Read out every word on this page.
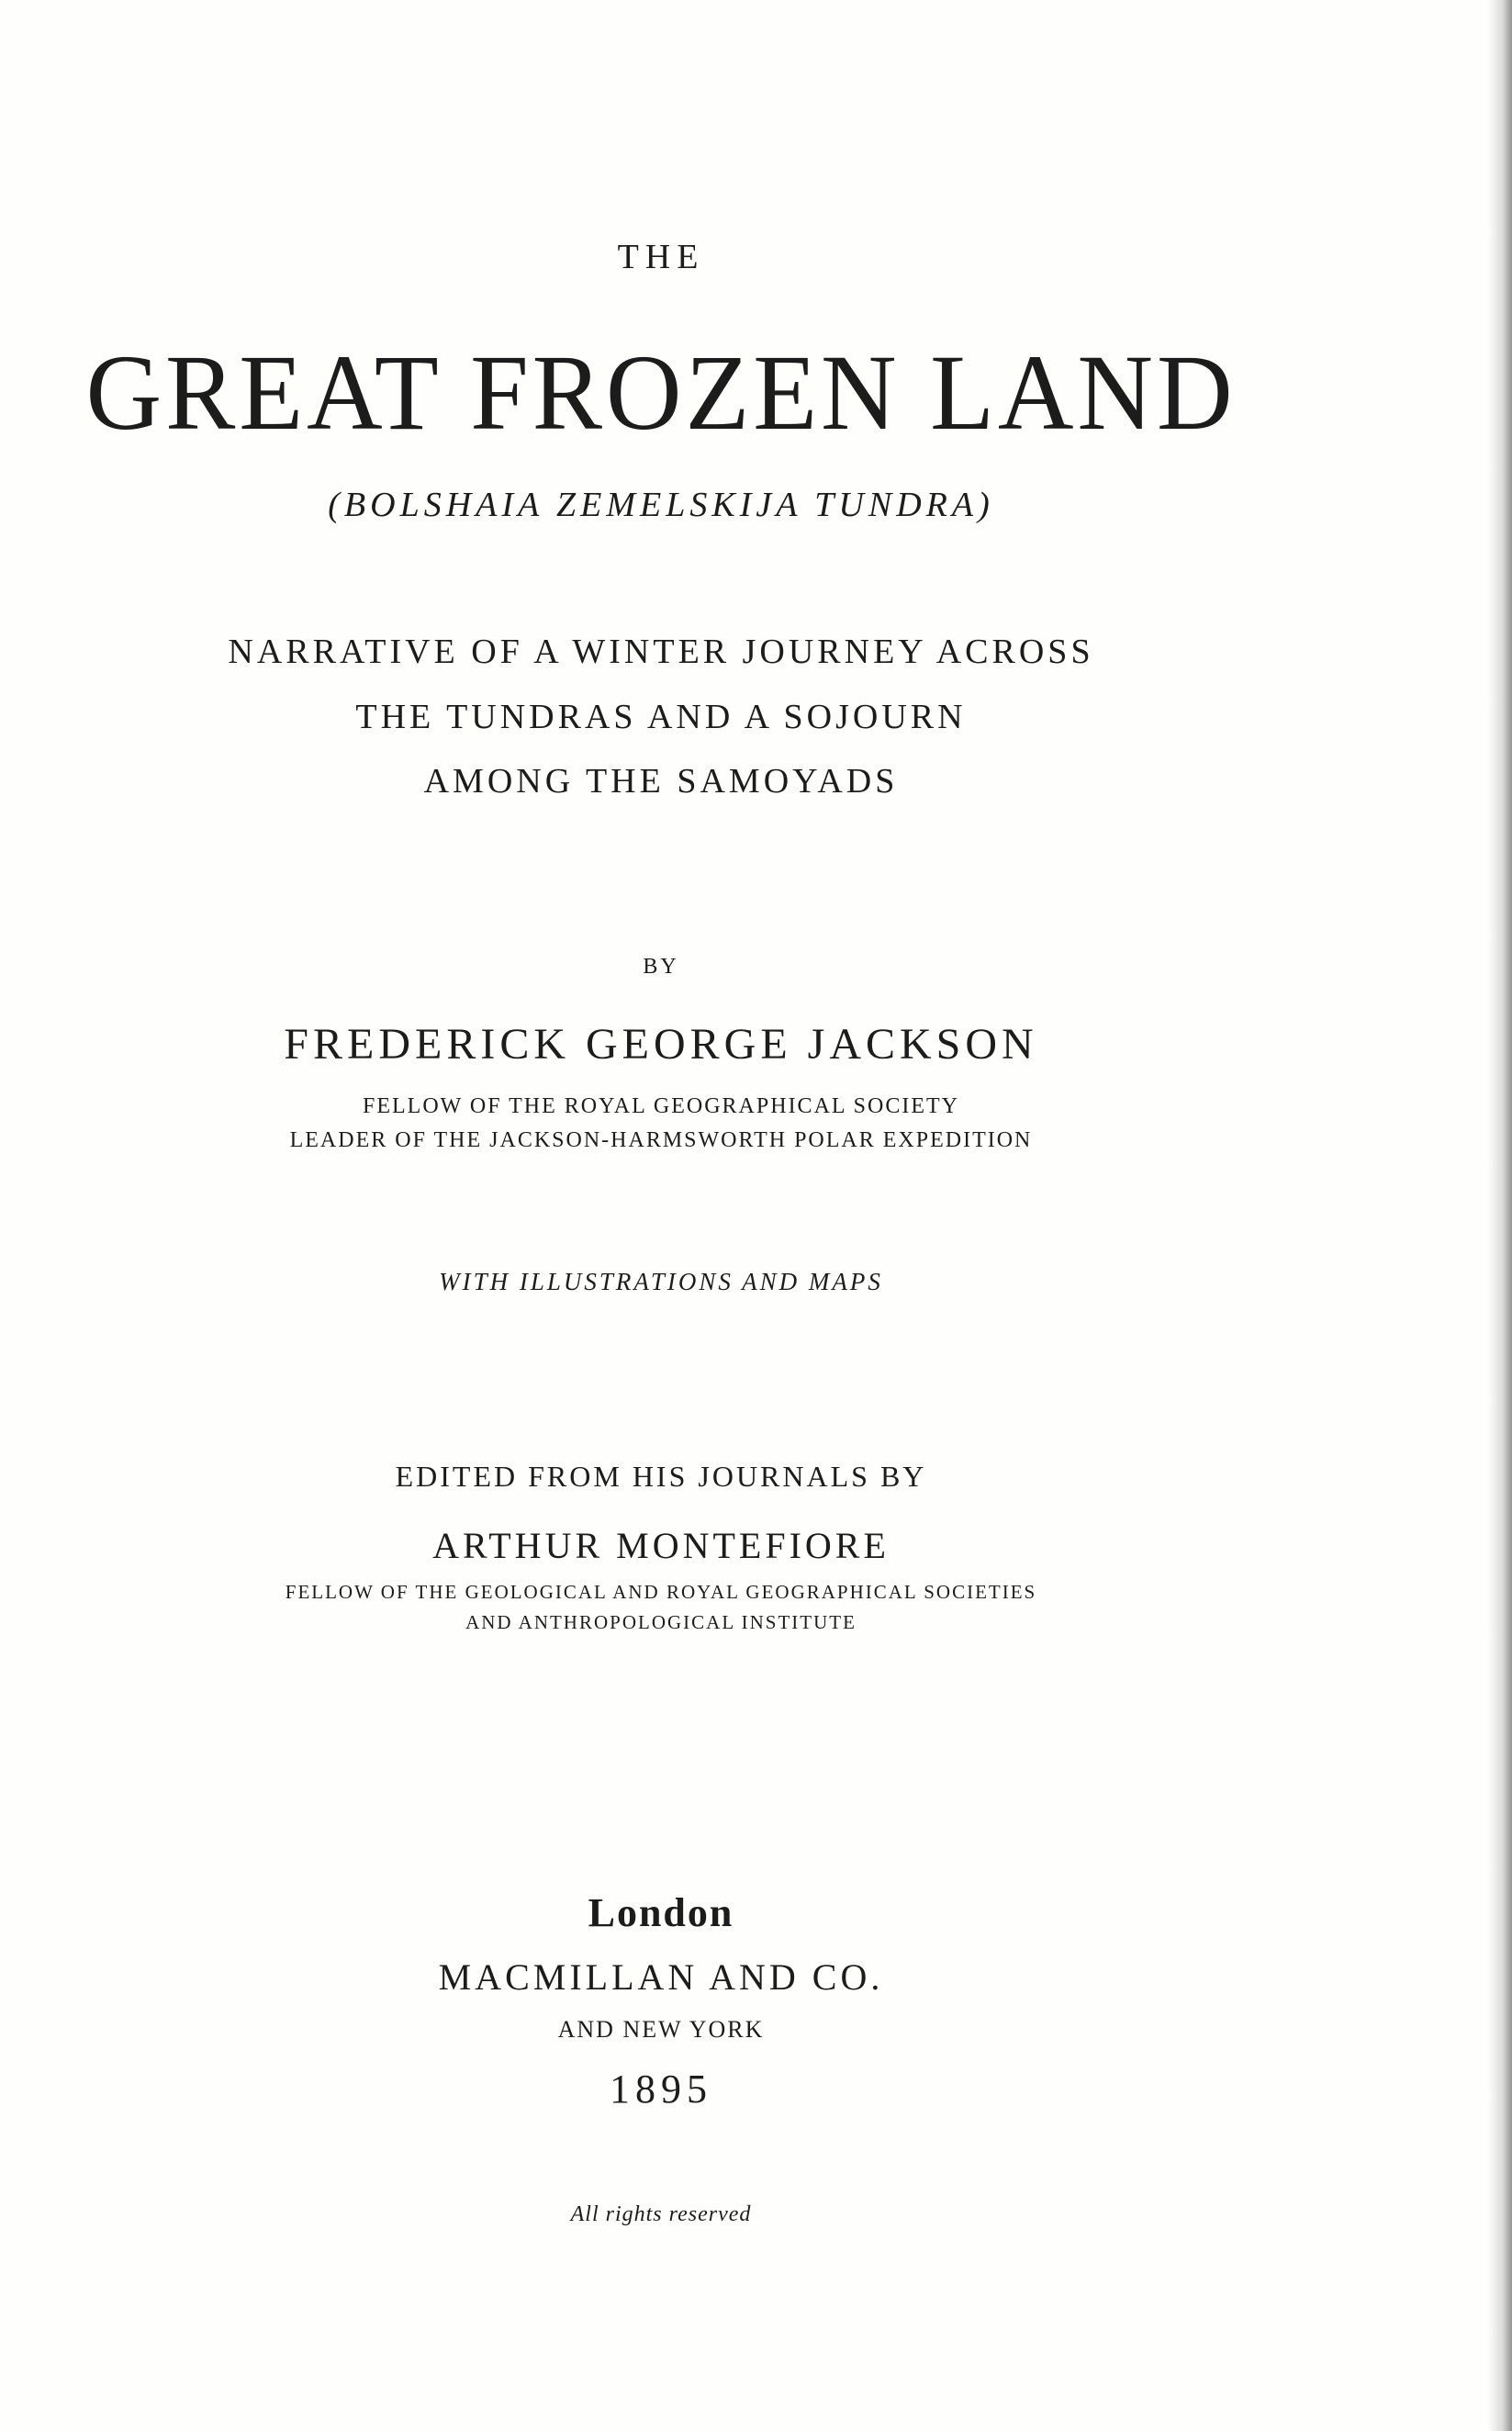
THE

GREAT FROZEN LAND

(BOLSHAIA ZEMELSKIJA TUNDRA)

NARRATIVE OF A WINTER JOURNEY ACROSS

THE TUNDRAS AND A SOJOURN

AMONG THE SAMOYADS

BY

FREDERICK GEORGE JACKSON

FELLOW OF THE ROYAL GEOGRAPHICAL SOCIETY

LEADER OF THE JACKSON-HARMSWORTH POLAR EXPEDITION

WITH ILLUSTRATIONS AND MAPS

EDITED FROM HIS JOURNALS BY

ARTHUR MONTEFIORE

FELLOW OF THE GEOLOGICAL AND ROYAL GEOGRAPHICAL SOCIETIES

AND ANTHROPOLOGICAL INSTITUTE

London

MACMILLAN AND CO.

AND NEW YORK

1895

All rights reserved
